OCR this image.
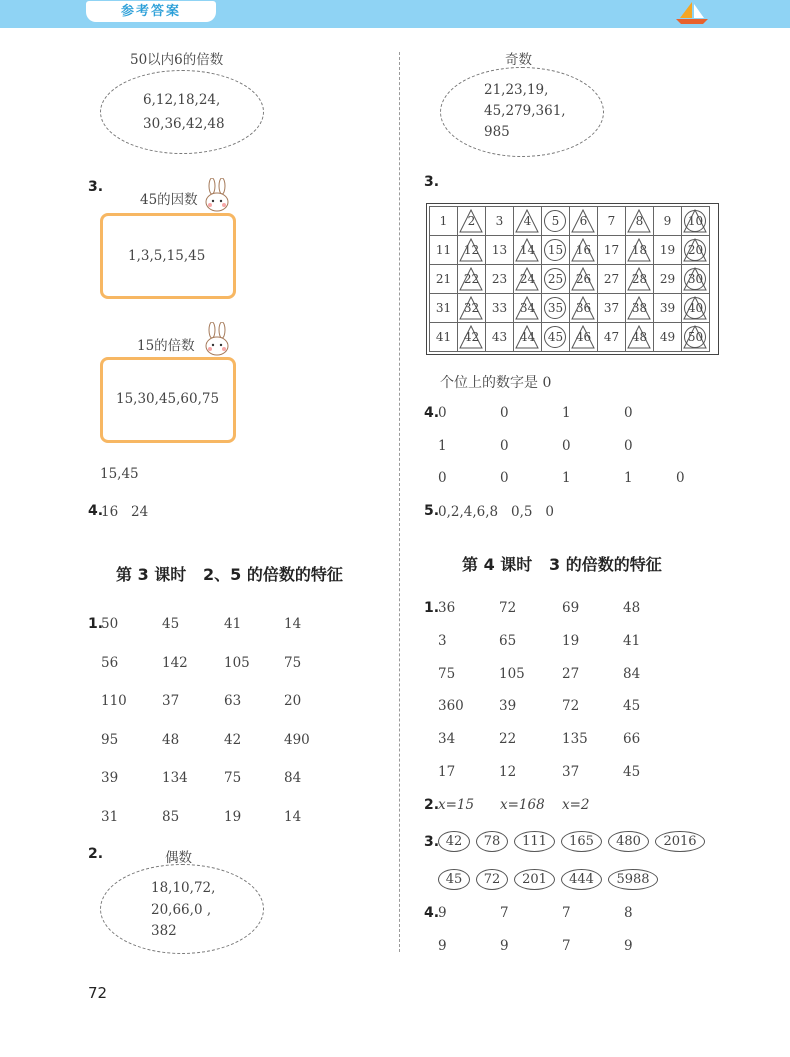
参考答案
50以内6的倍数
6,12,18,24,
30,36,42,48
3.
45的因数
1,3,5,15,45
15的倍数
15,30,45,60,75
15,45
4.
16   24
第 3 课时   2、5 的倍数的特征
1.
50	45	41	14
56	142	105	75
110	37	63	20
95	48	42	490
39	134	75	84
31	85	19	14
2.	偶数
18,10,72,
20,66,0 ,
382
72
奇数
21,23,19,
45,279,361,
985
3.
1	2	3	4	5	6	7	8	9	10
11	12	13	14	15	16	17	18	19	20
21	22	23	24	25	26	27	28	29	30
31	32	33	34	35	36	37	38	39	40
41	42	43	44	45	46	47	48	49	50
个位上的数字是 0
4.
0	0	1	0
1	0	0	0
0	0	1	1	0
5.
0,2,4,6,8   0,5   0
第 4 课时   3 的倍数的特征
1.
36	72	69	48
3	65	19	41
75	105	27	84
360	39	72	45
34	22	135	66
17	12	37	45
2.
x=15 x=168 x=2
3. 42	78	111	165	480	2016
45	72	201	444	5988
4.
9	7	7	8
9	9	7	9
